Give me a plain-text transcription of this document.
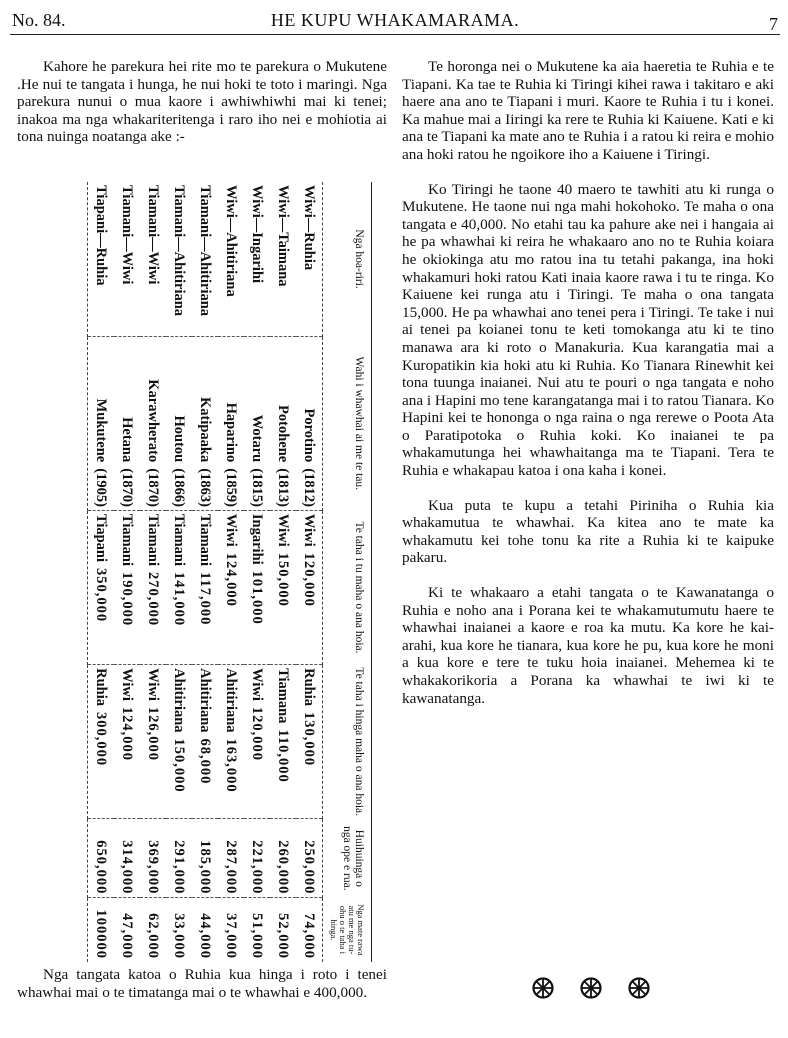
No. 84.	HE KUPU WHAKAMARAMA.	7

Kahore he parekura hei rite mo te parekura o Mukutene .He nui te tangata i hunga, he nui hoki te toto i maringi. Nga parekura nunui o mua kaore i awhiwhiwhi mai ki tenei; inakoa ma nga whakariteritenga i raro iho nei e mohiotia ai tona nuinga noatanga ake :-

Nga hoa-riri.	Wahi i whawhai ai me te tau.	Te taha i tu maha o ana hoia.	Te taha i hinga maha o ana hoia.	Huihuinga o nga ope e rua.	Nga mate rawa atu me nga tu-ohu o te taha i hinga.
Wiwi—Ruhia	Porotino(1812)	Wiwi120,000	Ruhia130,000	250,000	74,000
Wiwi—Taimana	Potohene(1813)	Wiwi150,000	Tiamana110,000	260,000	52,000
Wiwi—Ingarihi	Wotaru(1815)	Ingarihi101,000	Wiwi120,000	221,000	51,000
Wiwi—Ahitiriana	Haparino(1859)	Wiwi124,000	Ahitiriana163,000	287,000	37,000
Tiamani—Ahitiriana	Katipaaka(1863)	Tiamani117,000	Ahitiriana68,000	185,000	44,000
Tiamani—Ahitiriana	Houtou(1866)	Tiamani141,000	Ahitiriana150,000	291,000	33,000
Tiamani—Wiwi	Karawherato(1870)	Tiamani270,000	Wiwi126,000	369,000	62,000
Tiamani—Wiwi	Hetana(1870)	Tiamani190,000	Wiwi124,000	314,000	47,000
Tiapani—Ruhia	Mukutene(1905)	Tiapani350,000	Ruhia300,000	650,000	100000

Nga tangata katoa o Ruhia kua hinga i roto i tenei whawhai mai o te timatanga mai o te whawhai e 400,000.

Te horonga nei o Mukutene ka aia haeretia te Ruhia e te Tiapani. Ka tae te Ruhia ki Tiringi kihei rawa i takitaro e aki haere ana ano te Tiapani i muri. Kaore te Ruhia i tu i konei. Ka mahue mai a Iiringi ka rere te Ruhia ki Kaiuene. Kati e ki ana te Tiapani ka mate ano te Ruhia i a ratou ki reira e mohio ana hoki ratou he ngoikore iho a Kaiuene i Tiringi.

Ko Tiringi he taone 40 maero te tawhiti atu ki runga o Mukutene. He taone nui nga mahi hokohoko. Te maha o ona tangata e 40,000. No etahi tau ka pahure ake nei i hangaia ai he pa whawhai ki reira he whakaaro ano no te Ruhia koiara he okiokinga atu mo ratou ina tu tetahi pakanga, ina hoki whakamuri hoki ratou Kati inaia kaore rawa i tu te ringa. Ko Kaiuene kei runga atu i Tiringi. Te maha o ona tangata 15,000. He pa whawhai ano tenei pera i Tiringi. Te take i nui ai tenei pa koianei tonu te keti tomokanga atu ki te tino manawa ara ki roto o Manakuria. Kua karangatia mai a Kuropatikin kia hoki atu ki Ruhia. Ko Tianara Rinewhit kei tona tuunga inaianei. Nui atu te pouri o nga tangata e noho ana i Hapini mo tene karangatanga mai i to ratou Tianara. Ko Hapini kei te hononga o nga raina o nga rerewe o Poota Ata o Paratipotoka o Ruhia koki. Ko inaianei te pa whakamutunga hei whawhaitanga ma te Tiapani. Tera te Ruhia e whakapau katoa i ona kaha i konei.

Kua puta te kupu a tetahi Piriniha o Ruhia kia whakamutua te whawhai. Ka kitea ano te mate ka whakamutu kei tohe tonu ka rite a Ruhia ki te kaipuke pakaru.

Ki te whakaaro a etahi tangata o te Kawanatanga o Ruhia e noho ana i Porana kei te whakamutumutu haere te whawhai inaianei a kaore e roa ka mutu. Ka kore he kai-arahi, kua kore he tianara, kua kore he pu, kua kore he moni a kua kore e tere te tuku hoia inaianei. Mehemea ki te whakakorikoria a Porana ka whawhai te iwi ki te kawanatanga.
